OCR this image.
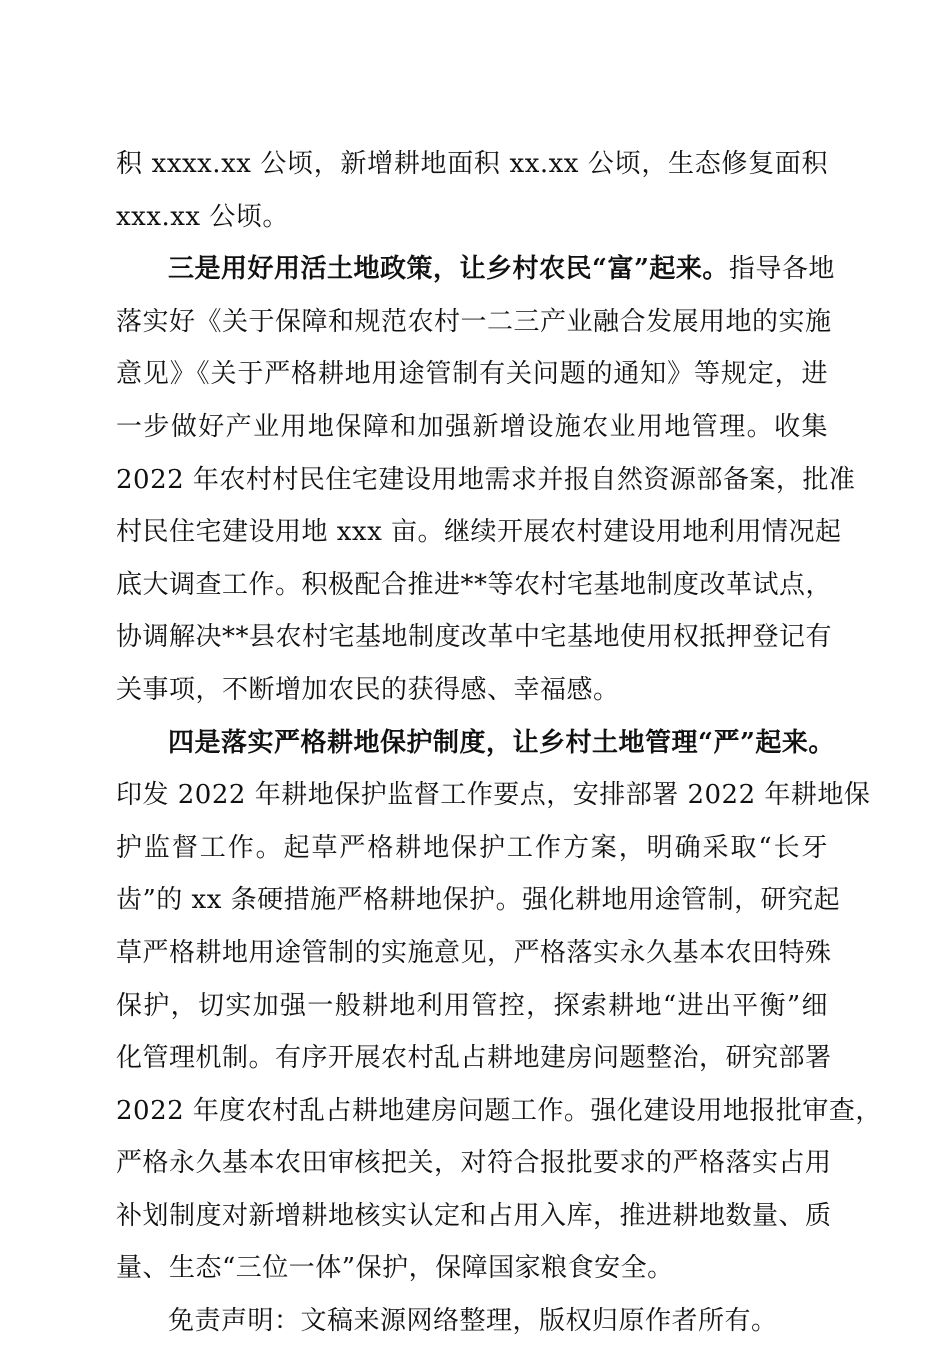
积 xxxx.xx 公顷，新增耕地面积 xx.xx 公顷，生态修复面积
xxx.xx 公顷。
三是用好用活土地政策，让乡村农民“富”起来。指导各地
落实好《关于保障和规范农村一二三产业融合发展用地的实施
意见》《关于严格耕地用途管制有关问题的通知》等规定，进
一步做好产业用地保障和加强新增设施农业用地管理。收集
2022 年农村村民住宅建设用地需求并报自然资源部备案，批准
村民住宅建设用地 xxx 亩。继续开展农村建设用地利用情况起
底大调查工作。积极配合推进**等农村宅基地制度改革试点，
协调解决**县农村宅基地制度改革中宅基地使用权抵押登记有
关事项，不断增加农民的获得感、幸福感。
四是落实严格耕地保护制度，让乡村土地管理“严”起来。
印发 2022 年耕地保护监督工作要点，安排部署 2022 年耕地保
护监督工作。起草严格耕地保护工作方案，明确采取“长牙
齿”的 xx 条硬措施严格耕地保护。强化耕地用途管制，研究起
草严格耕地用途管制的实施意见，严格落实永久基本农田特殊
保护，切实加强一般耕地利用管控，探索耕地“进出平衡”细
化管理机制。有序开展农村乱占耕地建房问题整治，研究部署
2022 年度农村乱占耕地建房问题工作。强化建设用地报批审查，
严格永久基本农田审核把关，对符合报批要求的严格落实占用
补划制度对新增耕地核实认定和占用入库，推进耕地数量、质
量、生态“三位一体”保护，保障国家粮食安全。
免责声明：文稿来源网络整理，版权归原作者所有。
